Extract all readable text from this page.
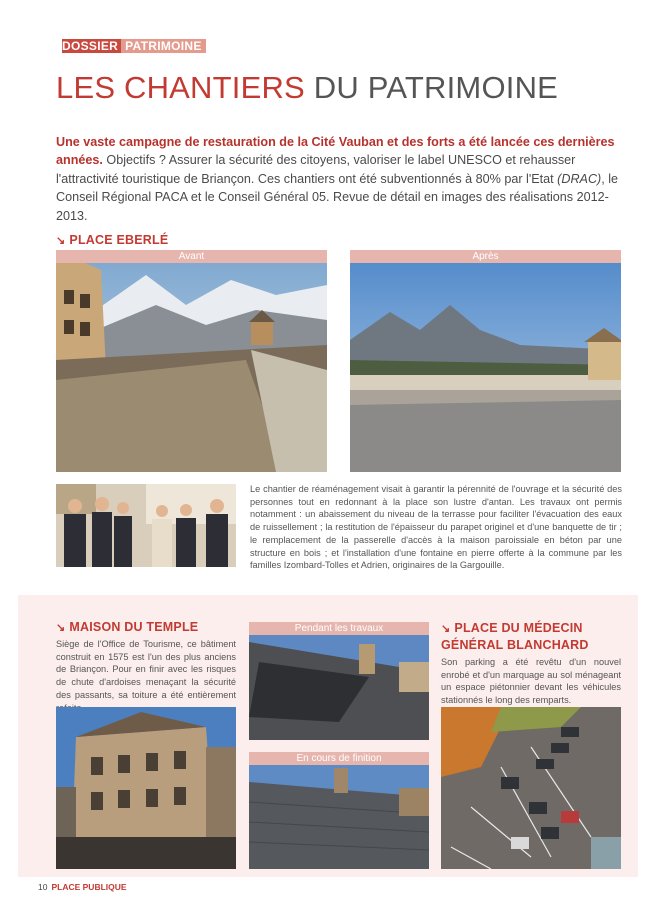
DOSSIER PATRIMOINE
LES CHANTIERS DU PATRIMOINE
Une vaste campagne de restauration de la Cité Vauban et des forts a été lancée ces dernières années. Objectifs ? Assurer la sécurité des citoyens, valoriser le label UNESCO et rehausser l'attractivité touristique de Briançon. Ces chantiers ont été subventionnés à 80% par l'Etat (DRAC), le Conseil Régional PACA et le Conseil Général 05. Revue de détail en images des réalisations 2012-2013.
↘ PLACE EBERLÉ
Avant	Après
Le chantier de réaménagement visait à garantir la pérennité de l'ouvrage et la sécurité des personnes tout en redonnant à la place son lustre d'antan. Les travaux ont permis notamment : un abaissement du niveau de la terrasse pour faciliter l'évacuation des eaux de ruissellement ; la restitution de l'épaisseur du parapet originel et d'une banquette de tir ; le remplacement de la passerelle d'accès à la maison paroissiale en béton par une structure en bois ; et l'installation d'une fontaine en pierre offerte à la commune par les familles Izombard-Tolles et Adrien, originaires de la Gargouille.
↘ MAISON DU TEMPLE
Siège de l'Office de Tourisme, ce bâtiment construit en 1575 est l'un des plus anciens de Briançon. Pour en finir avec les risques de chute d'ardoises menaçant la sécurité des passants, sa toiture a été entièrement
Pendant les travaux
En cours de finition
↘ PLACE DU MÉDECIN
GÉNÉRAL BLANCHARD
Son parking a été revêtu d'un nouvel enrobé et d'un marquage au sol ménageant un espace piétonnier devant les véhicules stationnés le long des remparts.
10 PLACE PUBLIQUE
